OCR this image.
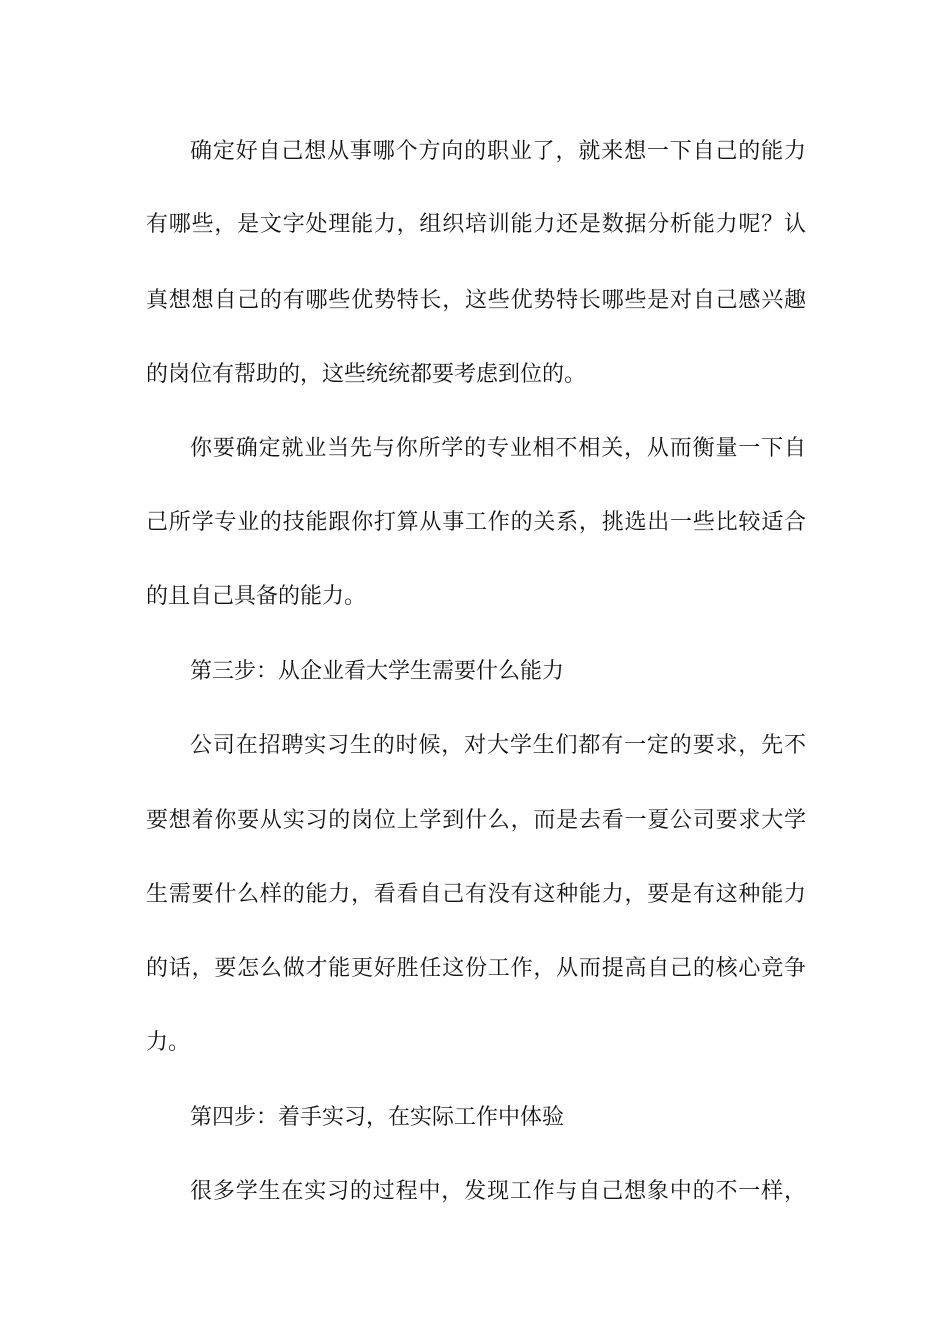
确定好自己想从事哪个方向的职业了，就来想一下自己的能力
有哪些，是文字处理能力，组织培训能力还是数据分析能力呢？认
真想想自己的有哪些优势特长，这些优势特长哪些是对自己感兴趣
的岗位有帮助的，这些统统都要考虑到位的。
你要确定就业当先与你所学的专业相不相关，从而衡量一下自
己所学专业的技能跟你打算从事工作的关系，挑选出一些比较适合
的且自己具备的能力。
第三步：从企业看大学生需要什么能力
公司在招聘实习生的时候，对大学生们都有一定的要求，先不
要想着你要从实习的岗位上学到什么，而是去看一夏公司要求大学
生需要什么样的能力，看看自己有没有这种能力，要是有这种能力
的话，要怎么做才能更好胜任这份工作，从而提高自己的核心竞争
力。
第四步：着手实习，在实际工作中体验
很多学生在实习的过程中，发现工作与自己想象中的不一样，
